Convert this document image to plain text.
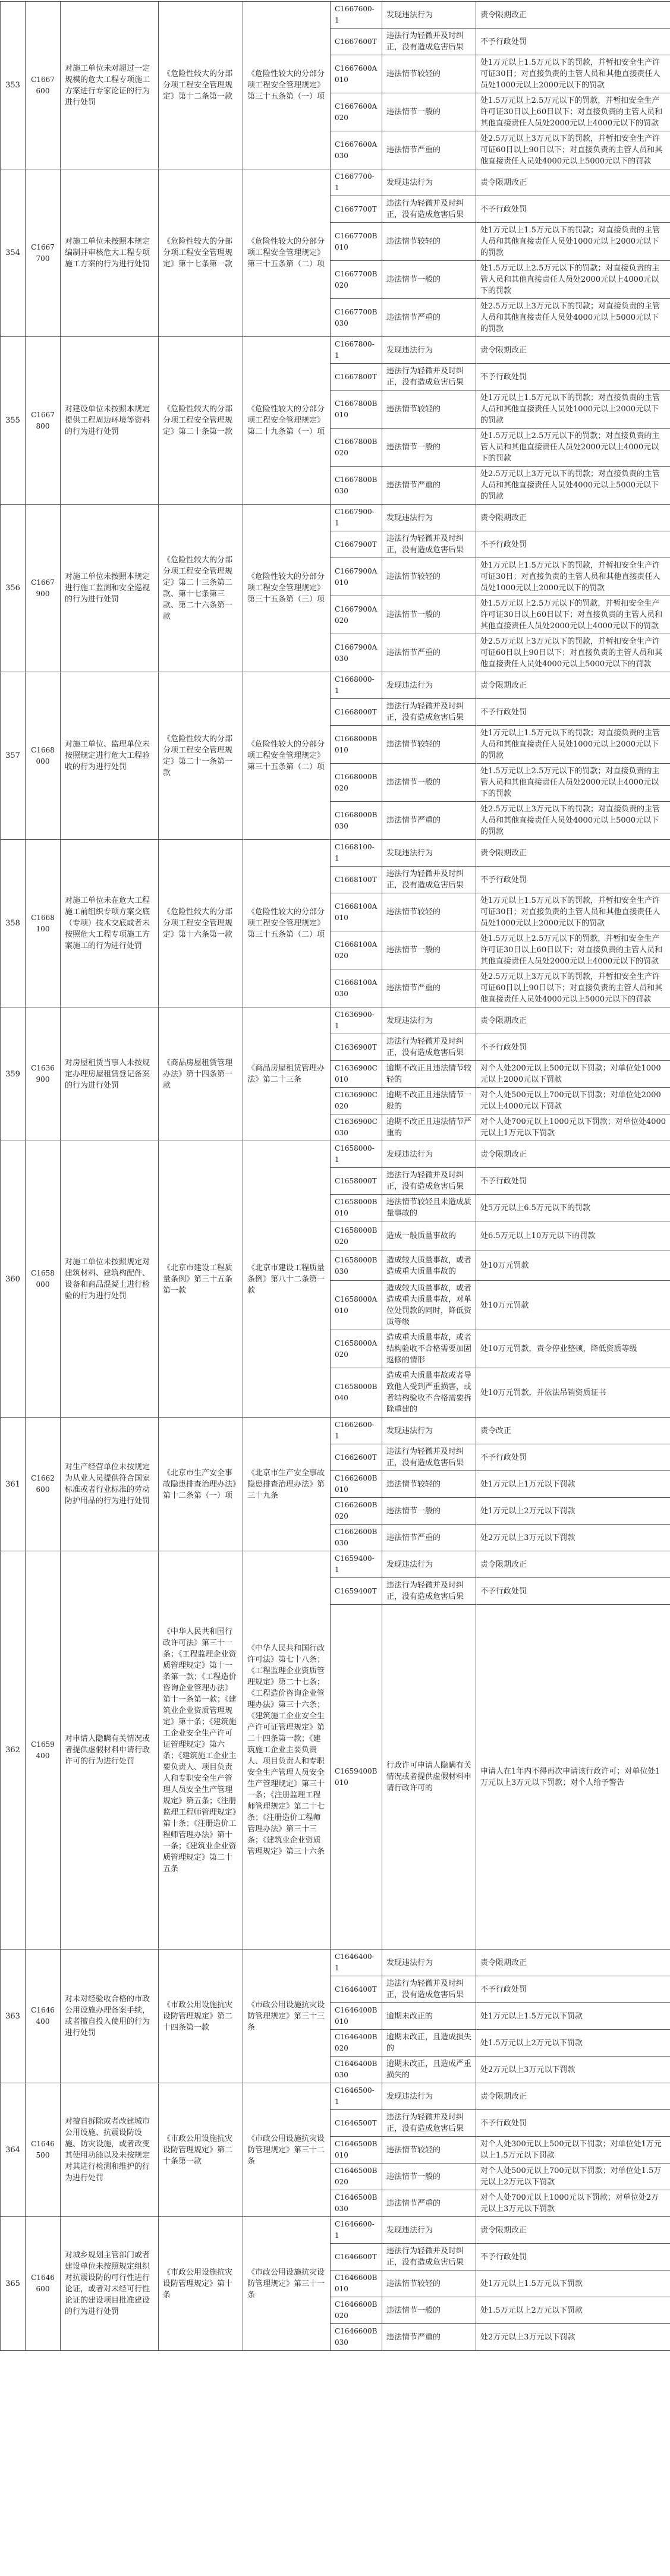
353	C1667600	对施工单位未对超过一定规模的危大工程专项施工方案进行专家论证的行为进行处罚	《危险性较大的分部分项工程安全管理规定》第十二条第一款	《危险性较大的分部分项工程安全管理规定》第三十五条第（一）项	C1667600-1	发现违法行为	责令限期改正
					C1667600T	违法行为轻微并及时纠正，没有造成危害后果	不予行政处罚
					C1667600A010	违法情节较轻的	处1万元以上1.5万元以下的罚款，并暂扣安全生产许可证30日；对直接负责的主管人员和其他直接责任人员处1000元以上2000元以下的罚款
					C1667600A020	违法情节一般的	处1.5万元以上2.5万元以下的罚款，并暂扣安全生产许可证30日以上60日以下；对直接负责的主管人员和其他直接责任人员处2000元以上4000元以下的罚款
					C1667600A030	违法情节严重的	处2.5万元以上3万元以下的罚款，并暂扣安全生产许可证60日以上90日以下；对直接负责的主管人员和其他直接责任人员处4000元以上5000元以下的罚款
354	C1667700	对施工单位未按照本规定编制并审核危大工程专项施工方案的行为进行处罚	《危险性较大的分部分项工程安全管理规定》第十七条第一款	《危险性较大的分部分项工程安全管理规定》第三十五条第（二）项	C1667700-1	发现违法行为	责令限期改正
					C1667700T	违法行为轻微并及时纠正，没有造成危害后果	不予行政处罚
					C1667700B010	违法情节较轻的	处1万元以上1.5万元以下的罚款；对直接负责的主管人员和其他直接责任人员处1000元以上2000元以下的罚款
					C1667700B020	违法情节一般的	处1.5万元以上2.5万元以下的罚款；对直接负责的主管人员和其他直接责任人员处2000元以上4000元以下的罚款
					C1667700B030	违法情节严重的	处2.5万元以上3万元以下的罚款；对直接负责的主管人员和其他直接责任人员处4000元以上5000元以下的罚款
355	C1667800	对建设单位未按照本规定提供工程周边环境等资料的行为进行处罚	《危险性较大的分部分项工程安全管理规定》第二十条第一款	《危险性较大的分部分项工程安全管理规定》第二十九条第（一）项	C1667800-1	发现违法行为	责令限期改正
					C1667800T	违法行为轻微并及时纠正，没有造成危害后果	不予行政处罚
					C1667800B010	违法情节较轻的	处1万元以上1.5万元以下的罚款；对直接负责的主管人员和其他直接责任人员处1000元以上2000元以下的罚款
					C1667800B020	违法情节一般的	处1.5万元以上2.5万元以下的罚款；对直接负责的主管人员和其他直接责任人员处2000元以上4000元以下的罚款
					C1667800B030	违法情节严重的	处2.5万元以上3万元以下的罚款；对直接负责的主管人员和其他直接责任人员处4000元以上5000元以下的罚款
356	C1667900	对施工单位未按照本规定进行施工监测和安全巡视的行为进行处罚	《危险性较大的分部分项工程安全管理规定》第二十三条第二款、第十七条第三款、第二十六条第一款	《危险性较大的分部分项工程安全管理规定》第三十五条第（三）项	C1667900-1	发现违法行为	责令限期改正
					C1667900T	违法行为轻微并及时纠正，没有造成危害后果	不予行政处罚
					C1667900A010	违法情节较轻的	处1万元以上1.5万元以下的罚款，并暂扣安全生产许可证30日；对直接负责的主管人员和其他直接责任人员处1000元以上2000元以下的罚款
					C1667900A020	违法情节一般的	处1.5万元以上2.5万元以下的罚款，并暂扣安全生产许可证30日以上60日以下；对直接负责的主管人员和其他直接责任人员处2000元以上4000元以下的罚款
					C1667900A030	违法情节严重的	处2.5万元以上3万元以下的罚款，并暂扣安全生产许可证60日以上90日以下；对直接负责的主管人员和其他直接责任人员处4000元以上5000元以下的罚款
357	C1668000	对施工单位、监理单位未按照规定进行危大工程验收的行为进行处罚	《危险性较大的分部分项工程安全管理规定》第二十一条第一款	《危险性较大的分部分项工程安全管理规定》第三十五条第（二）项	C1668000-1	发现违法行为	责令限期改正
					C1668000T	违法行为轻微并及时纠正，没有造成危害后果	不予行政处罚
					C1668000B010	违法情节较轻的	处1万元以上1.5万元以下的罚款；对直接负责的主管人员和其他直接责任人员处1000元以上2000元以下的罚款
					C1668000B020	违法情节一般的	处1.5万元以上2.5万元以下的罚款；对直接负责的主管人员和其他直接责任人员处2000元以上4000元以下的罚款
					C1668000B030	违法情节严重的	处2.5万元以上3万元以下的罚款；对直接负责的主管人员和其他直接责任人员处4000元以上5000元以下的罚款
358	C1668100	对施工单位未在危大工程施工前组织专项方案交底（专项）技术交底或者未按照危大工程专项施工方案施工的行为进行处罚	《危险性较大的分部分项工程安全管理规定》第十六条第一款	《危险性较大的分部分项工程安全管理规定》第三十五条第（二）项	C1668100-1	发现违法行为	责令限期改正
					C1668100T	违法行为轻微并及时纠正，没有造成危害后果	不予行政处罚
					C1668100A010	违法情节较轻的	处1万元以上1.5万元以下的罚款，并暂扣安全生产许可证30日；对直接负责的主管人员和其他直接责任人员处1000元以上2000元以下的罚款
					C1668100A020	违法情节一般的	处1.5万元以上2.5万元以下的罚款，并暂扣安全生产许可证30日以上60日以下；对直接负责的主管人员和其他直接责任人员处2000元以上4000元以下的罚款
					C1668100A030	违法情节严重的	处2.5万元以上3万元以下的罚款，并暂扣安全生产许可证60日以上90日以下；对直接负责的主管人员和其他直接责任人员处4000元以上5000元以下的罚款
359	C1636900	对房屋租赁当事人未按规定办理房屋租赁登记备案的行为进行处罚	《商品房屋租赁管理办法》第十四条第一款	《商品房屋租赁管理办法》第二十三条	C1636900-1	发现违法行为	责令限期改正
					C1636900T	违法行为轻微并及时纠正，没有造成危害后果	不予行政处罚
					C1636900C010	逾期不改正且违法情节较轻的	对个人处200元以上500元以下罚款；对单位处1000元以上2000元以下罚款
					C1636900C020	逾期不改正且违法情节一般的	对个人处500元以上700元以下罚款；对单位处2000元以上4000元以下罚款
					C1636900C030	逾期不改正且违法情节严重的	对个人处700元以上1000元以下罚款；对单位处4000元以上1万元以下罚款
360	C1658000	对施工单位未按照规定对建筑材料、建筑构配件、设备和商品混凝土进行检验的行为进行处罚	《北京市建设工程质量条例》第三十五条第一款	《北京市建设工程质量条例》第八十二条第一款	C1658000-1	发现违法行为	责令限期改正
					C1658000T	违法行为轻微并及时纠正，没有造成危害后果	不予行政处罚
					C1658000B010	违法情节较轻且未造成质量事故的	处5万元以上6.5万元以下的罚款
					C1658000B020	造成一般质量事故的	处6.5万元以上10万元以下的罚款
					C1658000B030	造成较大质量事故，或者造成重大质量事故的	处10万元罚款
					C1658000A010	造成较大质量事故，或者造成重大质量事故，对单位处罚款的同时，降低资质等级	处10万元罚款
					C1658000A020	造成重大质量事故，或者结构验收不合格需要加固返修的情形	处10万元罚款，责令停业整顿，降低资质等级
					C1658000B040	造成重大质量事故或者导致他人受到严重损害，或者结构验收不合格需要拆除重建的	处10万元罚款，并依法吊销资质证书
361	C1662600	对生产经营单位未按规定为从业人员提供符合国家标准或者行业标准的劳动防护用品的行为进行处罚	《北京市生产安全事故隐患排查治理办法》第十二条第（一）项	《北京市生产安全事故隐患排查治理办法》第三十九条	C1662600-1	发现违法行为	责令改正
					C1662600T	违法行为轻微并及时纠正，没有造成危害后果	不予行政处罚
					C1662600B010	违法情节较轻的	处1万元以上1万元以下罚款
					C1662600B020	违法情节一般的	处1万元以上2万元以下罚款
					C1662600B030	违法情节严重的	处2万元以上3万元以下罚款
362	C1659400	对申请人隐瞒有关情况或者提供虚假材料申请行政许可的行为进行处罚	《中华人民共和国行政许可法》第三十一条；《工程监理企业资质管理规定》第十一条第一款；《工程造价咨询企业管理办法》第十一条第一款；《建筑业企业资质管理规定》第十条；《建筑施工企业安全生产许可证管理规定》第六条；《建筑施工企业主要负责人、项目负责人和专职安全生产管理人员安全生产管理规定》第五条；《注册监理工程师管理规定》第十条；《注册造价工程师管理办法》第十一条；《建筑业企业资质管理规定》第二十五条	《中华人民共和国行政许可法》第七十八条；《工程监理企业资质管理规定》第二十七条；《工程造价咨询企业管理办法》第三十六条；《建筑施工企业安全生产许可证管理规定》第二十四条第一款；《建筑施工企业主要负责人、项目负责人和专职安全生产管理人员安全生产管理规定》第三十一条；《注册监理工程师管理规定》第二十七条；《注册造价工程师管理办法》第三十三条；《建筑业企业资质管理规定》第三十六条	C1659400-1	发现违法行为	责令限期改正
					C1659400T	违法行为轻微并及时纠正，没有造成危害后果	不予行政处罚
					C1659400B010	行政许可申请人隐瞒有关情况或者提供虚假材料申请行政许可的	申请人在1年内不得再次申请该行政许可；对单位处1万元以上3万元以下罚款；对个人给予警告
363	C1646400	对未对经验收合格的市政公用设施办理备案手续，或者擅自投入使用的行为进行处罚	《市政公用设施抗灾设防管理规定》第二十四条第一款	《市政公用设施抗灾设防管理规定》第三十三条	C1646400-1	发现违法行为	责令限期改正
					C1646400T	违法行为轻微并及时纠正，没有造成危害后果	不予行政处罚
					C1646400B010	逾期未改正的	处1万元以上1.5万元以下罚款
					C1646400B020	逾期未改正，且造成损失的	处1.5万元以上2万元以下罚款
					C1646400B030	逾期未改正，且造成严重损失的	处2万元以上3万元以下罚款
364	C1646500	对擅自拆除或者改建城市公用设施、抗震设防设施、防灾设施，或者改变其使用功能以及未按规定对其进行检测和维护的行为进行处罚	《市政公用设施抗灾设防管理规定》第二十条第一款	《市政公用设施抗灾设防管理规定》第三十二条	C1646500-1	发现违法行为	责令限期改正
					C1646500T	违法行为轻微并及时纠正，没有造成危害后果	不予行政处罚
					C1646500B010	违法情节较轻的	对个人处300元以上500元以下罚款；对单位处1万元以上1.5万元以下罚款
					C1646500B020	违法情节一般的	对个人处500元以上700元以下罚款；对单位处1.5万元以上2万元以下罚款
					C1646500B030	违法情节严重的	对个人处700元以上1000元以下罚款；对单位处2万元以上3万元以下罚款
365	C1646600	对城乡规划主管部门或者建设单位未按照规定组织对抗震设防的可行性进行论证，或者对未经可行性论证的建设项目批准建设的行为进行处罚	《市政公用设施抗灾设防管理规定》第十条	《市政公用设施抗灾设防管理规定》第三十一条	C1646600-1	发现违法行为	责令限期改正
					C1646600T	违法行为轻微并及时纠正，没有造成危害后果	不予行政处罚
					C1646600B010	违法情节较轻的	处1万元以上1.5万元以下罚款
					C1646600B020	违法情节一般的	处1.5万元以上2万元以下罚款
					C1646600B030	违法情节严重的	处2万元以上3万元以下罚款
